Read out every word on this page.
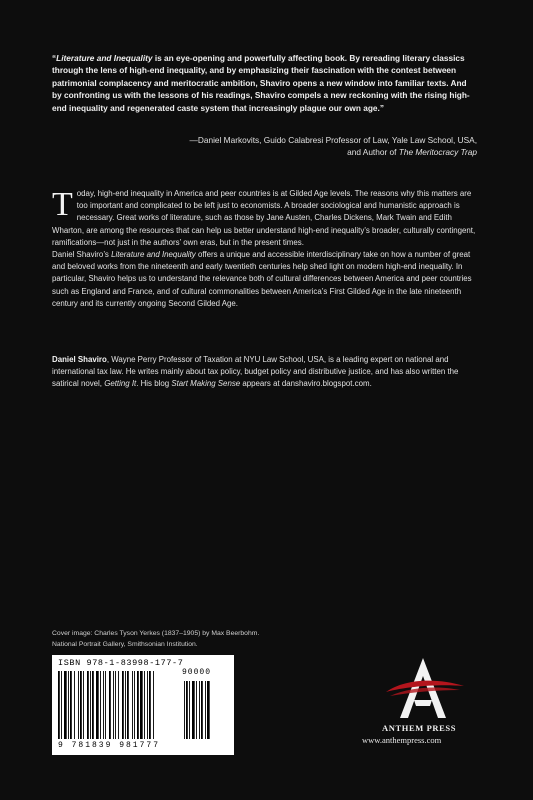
“Literature and Inequality is an eye-opening and powerfully affecting book. By rereading literary classics through the lens of high-end inequality, and by emphasizing their fascination with the contest between patrimonial complacency and meritocratic ambition, Shaviro opens a new window into familiar texts. And by confronting us with the lessons of his readings, Shaviro compels a new reckoning with the rising high-end inequality and regenerated caste system that increasingly plague our own age.”

—Daniel Markovits, Guido Calabresi Professor of Law, Yale Law School, USA,
and Author of The Meritocracy Trap
T oday, high-end inequality in America and peer countries is at Gilded Age levels. The reasons why this matters are too important and complicated to be left just to economists. A broader sociological and humanistic approach is necessary. Great works of literature, such as those by Jane Austen, Charles Dickens, Mark Twain and Edith Wharton, are among the resources that can help us better understand high-end inequality’s broader, culturally contingent, ramifications—not just in the authors’ own eras, but in the present times.

Daniel Shaviro’s Literature and Inequality offers a unique and accessible interdisciplinary take on how a number of great and beloved works from the nineteenth and early twentieth centuries help shed light on modern high-end inequality. In particular, Shaviro helps us to understand the relevance both of cultural differences between America and peer countries such as England and France, and of cultural commonalities between America’s First Gilded Age in the late nineteenth century and its currently ongoing Second Gilded Age.

Daniel Shaviro, Wayne Perry Professor of Taxation at NYU Law School, USA, is a leading expert on national and international tax law. He writes mainly about tax policy, budget policy and distributive justice, and has also written the satirical novel, Getting It. His blog Start Making Sense appears at danshaviro.blogspot.com.

Cover image: Charles Tyson Yerkes (1837–1905) by Max Beerbohm.
National Portrait Gallery, Smithsonian Institution.
ISBN 978-1-83998-177-7
90000
9 781839 981777
ANTHEM PRESS
www.anthempress.com
